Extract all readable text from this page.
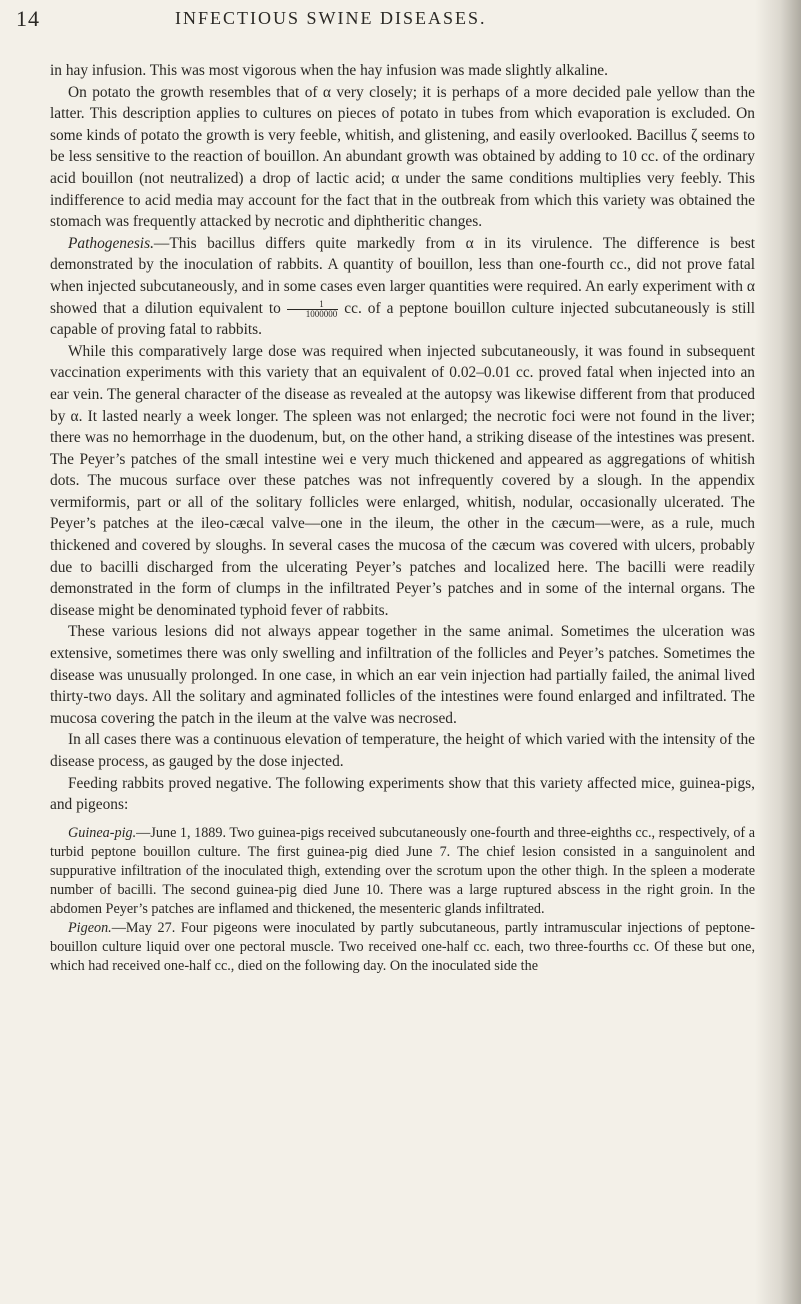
14	INFECTIOUS SWINE DISEASES.

in hay infusion. This was most vigorous when the hay infusion was made slightly alkaline.

On potato the growth resembles that of α very closely; it is perhaps of a more decided pale yellow than the latter. This description applies to cultures on pieces of potato in tubes from which evaporation is excluded. On some kinds of potato the growth is very feeble, whitish, and glistening, and easily overlooked. Bacillus ζ seems to be less sensitive to the reaction of bouillon. An abundant growth was obtained by adding to 10 cc. of the ordinary acid bouillon (not neutralized) a drop of lactic acid; α under the same conditions multiplies very feebly. This indifference to acid media may account for the fact that in the outbreak from which this variety was obtained the stomach was frequently attacked by necrotic and diphtheritic changes.

Pathogenesis.—This bacillus differs quite markedly from α in its virulence. The difference is best demonstrated by the inoculation of rabbits. A quantity of bouillon, less than one-fourth cc., did not prove fatal when injected subcutaneously, and in some cases even larger quantities were required. An early experiment with α showed that a dilution equivalent to $\frac{1}{1000000}$ cc. of a peptone bouillon culture injected subcutaneously is still capable of proving fatal to rabbits.

While this comparatively large dose was required when injected subcutaneously, it was found in subsequent vaccination experiments with this variety that an equivalent of 0.02–0.01 cc. proved fatal when injected into an ear vein. The general character of the disease as revealed at the autopsy was likewise different from that produced by α. It lasted nearly a week longer. The spleen was not enlarged; the necrotic foci were not found in the liver; there was no hemorrhage in the duodenum, but, on the other hand, a striking disease of the intestines was present. The Peyer’s patches of the small intestine wei e very much thickened and appeared as aggregations of whitish dots. The mucous surface over these patches was not infrequently covered by a slough. In the appendix vermiformis, part or all of the solitary follicles were enlarged, whitish, nodular, occasionally ulcerated. The Peyer’s patches at the ileo-cæcal valve—one in the ileum, the other in the cæcum—were, as a rule, much thickened and covered by sloughs. In several cases the mucosa of the cæcum was covered with ulcers, probably due to bacilli discharged from the ulcerating Peyer’s patches and localized here. The bacilli were readily demonstrated in the form of clumps in the infiltrated Peyer’s patches and in some of the internal organs. The disease might be denominated typhoid fever of rabbits.

These various lesions did not always appear together in the same animal. Sometimes the ulceration was extensive, sometimes there was only swelling and infiltration of the follicles and Peyer’s patches. Sometimes the disease was unusually prolonged. In one case, in which an ear vein injection had partially failed, the animal lived thirty-two days. All the solitary and agminated follicles of the intestines were found enlarged and infiltrated. The mucosa covering the patch in the ileum at the valve was necrosed.

In all cases there was a continuous elevation of temperature, the height of which varied with the intensity of the disease process, as gauged by the dose injected.

Feeding rabbits proved negative. The following experiments show that this variety affected mice, guinea-pigs, and pigeons:

Guinea-pig.—June 1, 1889. Two guinea-pigs received subcutaneously one-fourth and three-eighths cc., respectively, of a turbid peptone bouillon culture. The first guinea-pig died June 7. The chief lesion consisted in a sanguinolent and suppurative infiltration of the inoculated thigh, extending over the scrotum upon the other thigh. In the spleen a moderate number of bacilli. The second guinea-pig died June 10. There was a large ruptured abscess in the right groin. In the abdomen Peyer’s patches are inflamed and thickened, the mesenteric glands infiltrated.

Pigeon.—May 27. Four pigeons were inoculated by partly subcutaneous, partly intramuscular injections of peptone-bouillon culture liquid over one pectoral muscle. Two received one-half cc. each, two three-fourths cc. Of these but one, which had received one-half cc., died on the following day. On the inoculated side the
